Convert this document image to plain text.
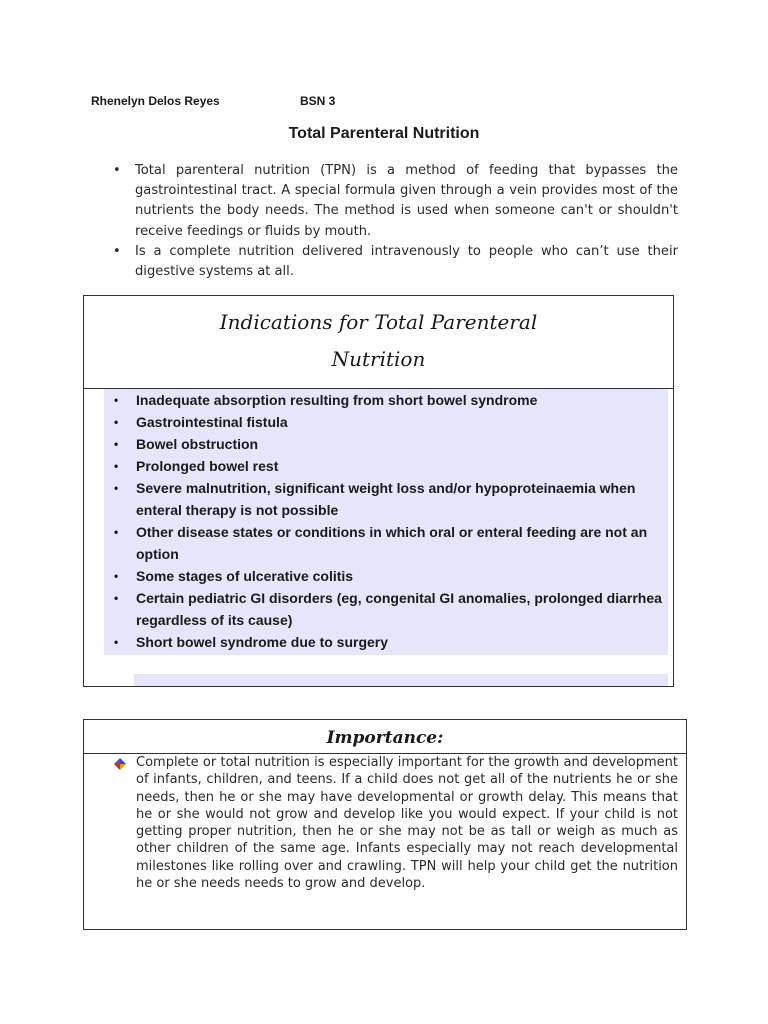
Rhenelyn Delos Reyes	BSN 3
Total Parenteral Nutrition
• Total parenteral nutrition (TPN) is a method of feeding that bypasses the gastrointestinal tract. A special formula given through a vein provides most of the nutrients the body needs. The method is used when someone can't or shouldn't receive feedings or fluids by mouth.
• Is a complete nutrition delivered intravenously to people who can’t use their digestive systems at all.
Indications for Total Parenteral
Nutrition
• Inadequate absorption resulting from short bowel syndrome
• Gastrointestinal fistula
• Bowel obstruction
• Prolonged bowel rest
• Severe malnutrition, significant weight loss and/or hypoproteinaemia when enteral therapy is not possible
• Other disease states or conditions in which oral or enteral feeding are not an option
• Some stages of ulcerative colitis
• Certain pediatric GI disorders (eg, congenital GI anomalies, prolonged diarrhea regardless of its cause)
• Short bowel syndrome due to surgery
Importance:

Complete or total nutrition is especially important for the growth and development of infants, children, and teens. If a child does not get all of the nutrients he or she needs, then he or she may have developmental or growth delay. This means that he or she would not grow and develop like you would expect. If your child is not getting proper nutrition, then he or she may not be as tall or weigh as much as other children of the same age. Infants especially may not reach developmental milestones like rolling over and crawling. TPN will help your child get the nutrition he or she needs needs to grow and develop.
